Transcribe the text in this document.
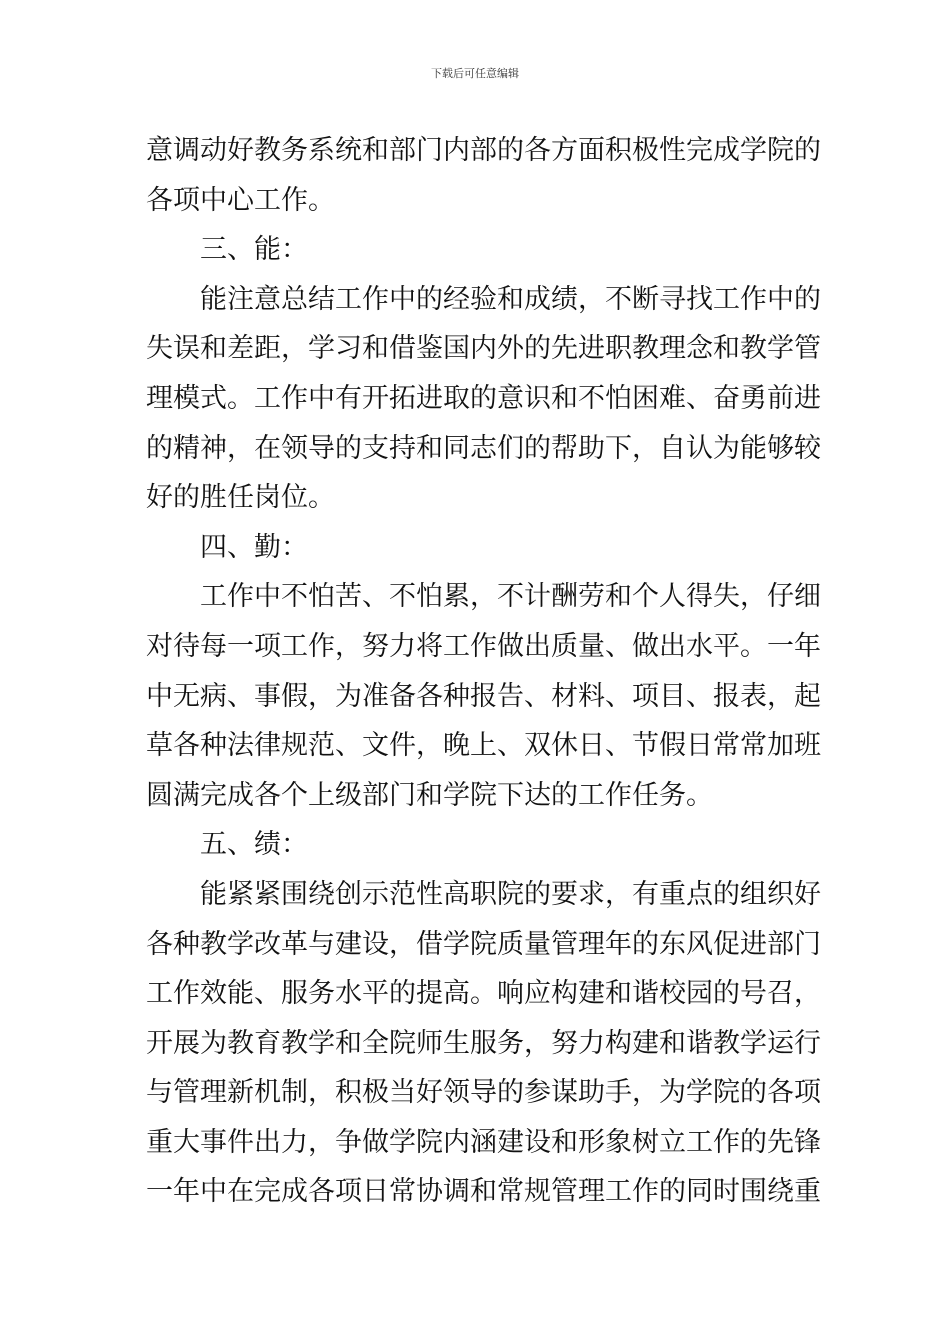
下载后可任意编辑
意调动好教务系统和部门内部的各方面积极性完成学院的
各项中心工作。
三、能：
能注意总结工作中的经验和成绩，不断寻找工作中的
失误和差距，学习和借鉴国内外的先进职教理念和教学管
理模式。工作中有开拓进取的意识和不怕困难、奋勇前进
的精神，在领导的支持和同志们的帮助下，自认为能够较
好的胜任岗位。
四、勤：
工作中不怕苦、不怕累，不计酬劳和个人得失，仔细
对待每一项工作，努力将工作做出质量、做出水平。一年
中无病、事假，为准备各种报告、材料、项目、报表，起
草各种法律规范、文件，晚上、双休日、节假日常常加班
圆满完成各个上级部门和学院下达的工作任务。
五、绩：
能紧紧围绕创示范性高职院的要求，有重点的组织好
各种教学改革与建设，借学院质量管理年的东风促进部门
工作效能、服务水平的提高。响应构建和谐校园的号召，
开展为教育教学和全院师生服务，努力构建和谐教学运行
与管理新机制，积极当好领导的参谋助手，为学院的各项
重大事件出力，争做学院内涵建设和形象树立工作的先锋
一年中在完成各项日常协调和常规管理工作的同时围绕重
